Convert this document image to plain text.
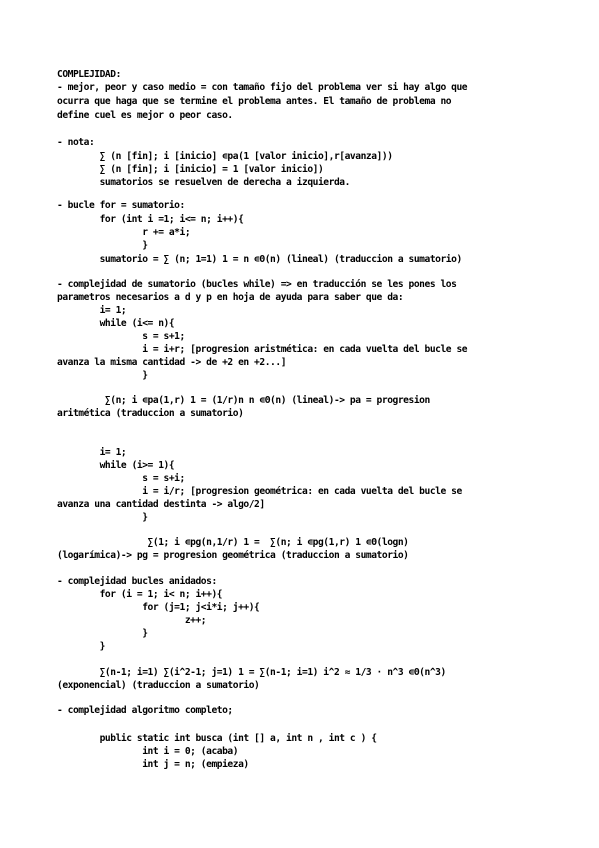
COMPLEJIDAD:
- mejor, peor y caso medio = con tamaño fijo del problema ver si hay algo que
ocurra que haga que se termine el problema antes. El tamaño de problema no
define cuel es mejor o peor caso.
- nota:
∑ (n [fin]; i [inicio] ∊pa(1 [valor inicio],r[avanza]))
∑ (n [fin]; i [inicio] = 1 [valor inicio])
sumatorios se resuelven de derecha a izquierda.
- bucle for = sumatorio:
for (int i =1; i<= n; i++){
r += a*i;
}
sumatorio = ∑ (n; 1=1) 1 = n ∊Θ(n) (lineal) (traduccion a sumatorio)
- complejidad de sumatorio (bucles while) => en traducción se les pones los
parametros necesarios a d y p en hoja de ayuda para saber que da:
i= 1;
while (i<= n){
s = s+1;
i = i+r; [progresion aristmética: en cada vuelta del bucle se
avanza la misma cantidad -> de +2 en +2...]
}
∑(n; i ∊pa(1,r) 1 = (1/r)n n ∊Θ(n) (lineal)-> pa = progresion
aritmética (traduccion a sumatorio)
i= 1;
while (i>= 1){
s = s+i;
i = i/r; [progresion geométrica: en cada vuelta del bucle se
avanza una cantidad destinta -> algo/2]
}
∑(1; i ∊pg(n,1/r) 1 =  ∑(n; i ∊pg(1,r) 1 ∊Θ(logn)
(logarímica)-> pg = progresion geométrica (traduccion a sumatorio)
- complejidad bucles anidados:
for (i = 1; i< n; i++){
for (j=1; j<i*i; j++){
z++;
}
}
∑(n-1; i=1) ∑(i^2-1; j=1) 1 = ∑(n-1; i=1) i^2 ≈ 1/3 · n^3 ∊Θ(n^3)
(exponencial) (traduccion a sumatorio)
- complejidad algoritmo completo;
public static int busca (int [] a, int n , int c ) {
int i = 0; (acaba)
int j = n; (empieza)
